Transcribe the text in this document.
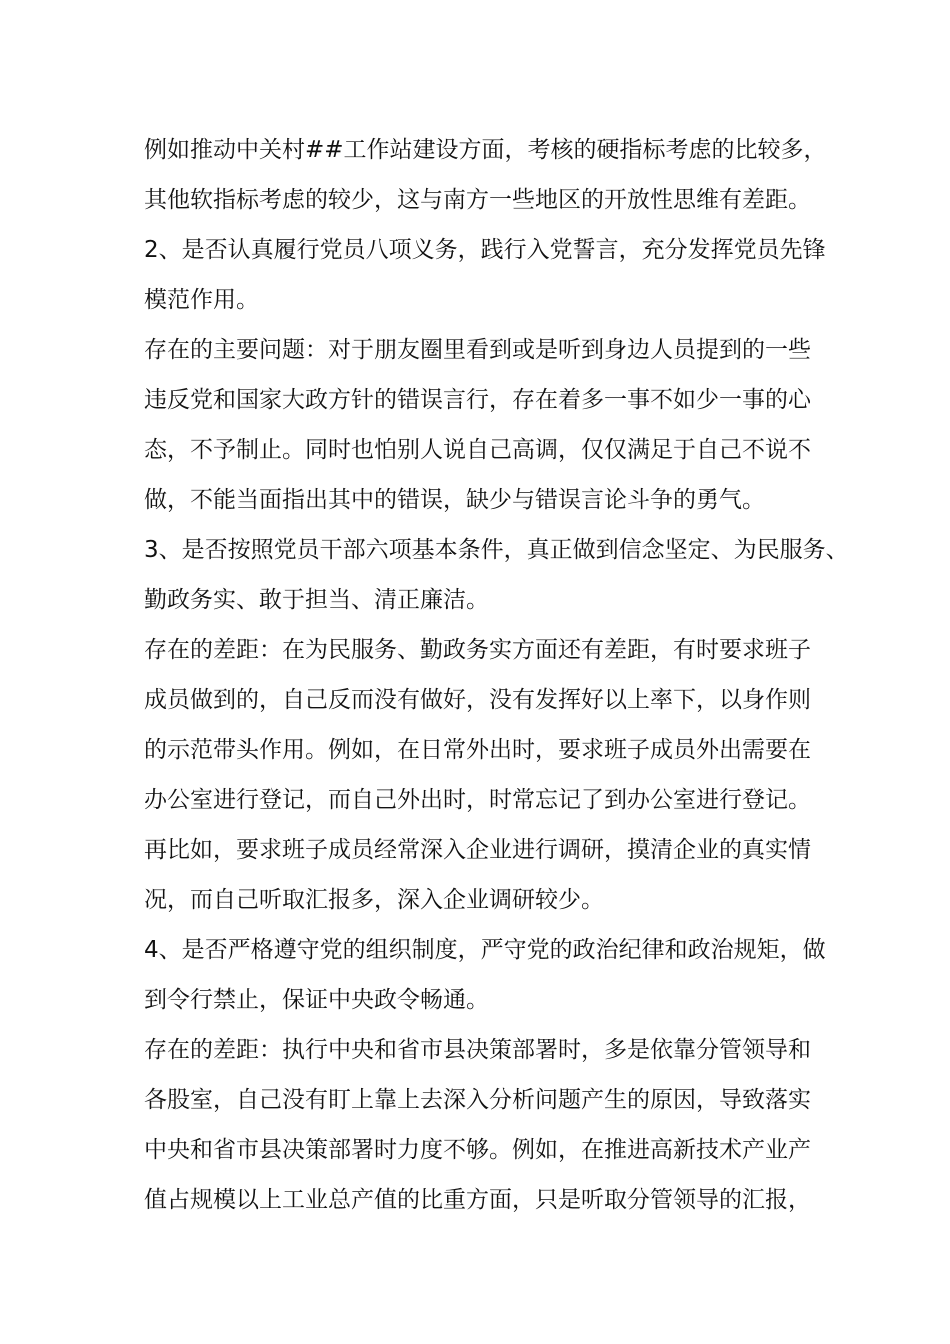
例如推动中关村##工作站建设方面，考核的硬指标考虑的比较多，
其他软指标考虑的较少，这与南方一些地区的开放性思维有差距。
2、是否认真履行党员八项义务，践行入党誓言，充分发挥党员先锋
模范作用。
存在的主要问题：对于朋友圈里看到或是听到身边人员提到的一些
违反党和国家大政方针的错误言行，存在着多一事不如少一事的心
态，不予制止。同时也怕别人说自己高调，仅仅满足于自己不说不
做，不能当面指出其中的错误，缺少与错误言论斗争的勇气。
3、是否按照党员干部六项基本条件，真正做到信念坚定、为民服务、
勤政务实、敢于担当、清正廉洁。
存在的差距：在为民服务、勤政务实方面还有差距，有时要求班子
成员做到的，自己反而没有做好，没有发挥好以上率下，以身作则
的示范带头作用。例如，在日常外出时，要求班子成员外出需要在
办公室进行登记，而自己外出时，时常忘记了到办公室进行登记。
再比如，要求班子成员经常深入企业进行调研，摸清企业的真实情
况，而自己听取汇报多，深入企业调研较少。
4、是否严格遵守党的组织制度，严守党的政治纪律和政治规矩，做
到令行禁止，保证中央政令畅通。
存在的差距：执行中央和省市县决策部署时，多是依靠分管领导和
各股室，自己没有盯上靠上去深入分析问题产生的原因，导致落实
中央和省市县决策部署时力度不够。例如，在推进高新技术产业产
值占规模以上工业总产值的比重方面，只是听取分管领导的汇报，
